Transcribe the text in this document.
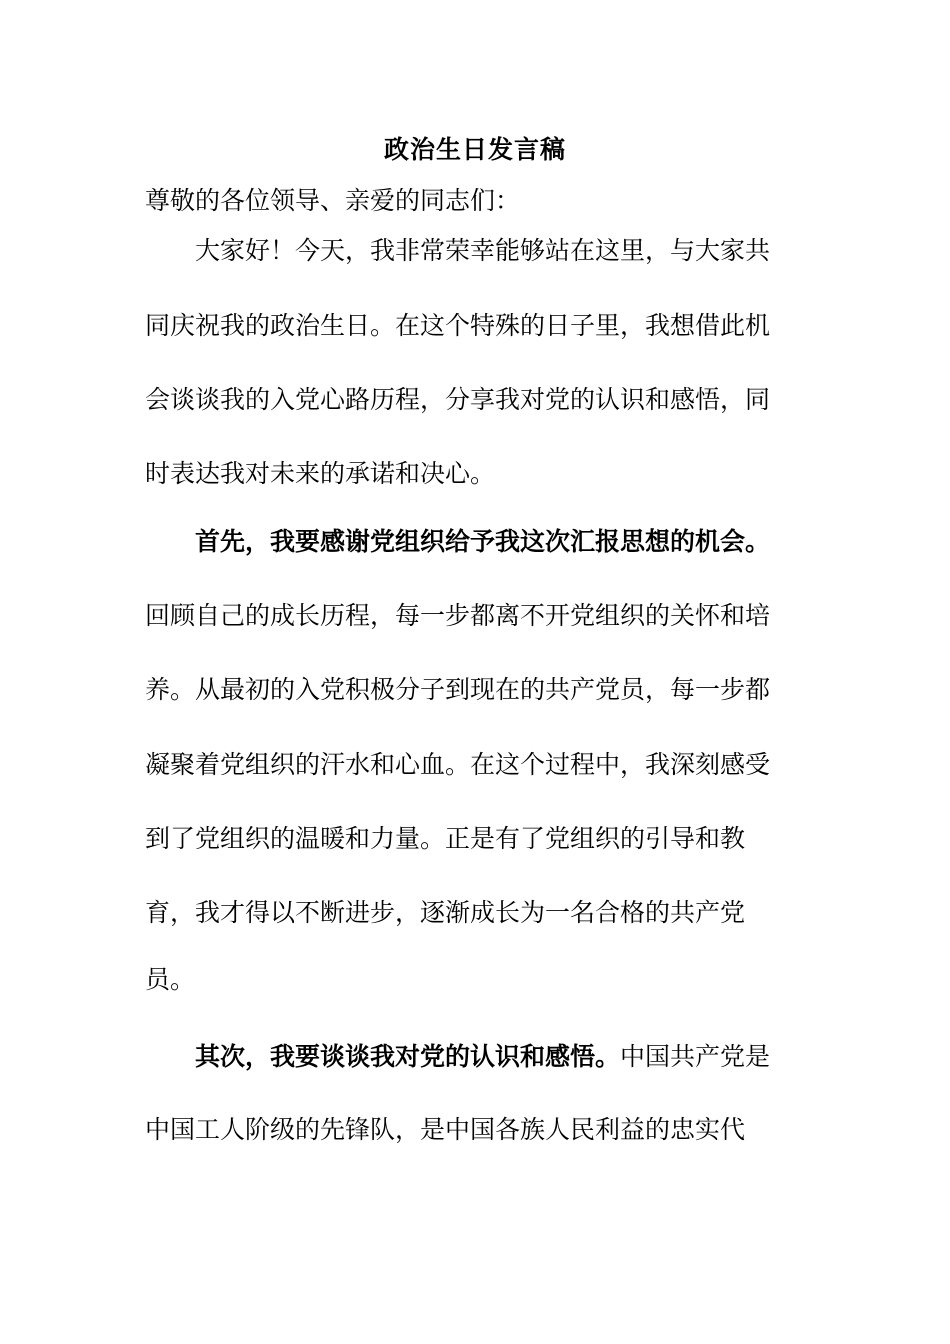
政治生日发言稿
尊敬的各位领导、亲爱的同志们：
大家好！今天，我非常荣幸能够站在这里，与大家共
同庆祝我的政治生日。在这个特殊的日子里，我想借此机
会谈谈我的入党心路历程，分享我对党的认识和感悟，同
时表达我对未来的承诺和决心。
首先，我要感谢党组织给予我这次汇报思想的机会。
回顾自己的成长历程，每一步都离不开党组织的关怀和培
养。从最初的入党积极分子到现在的共产党员，每一步都
凝聚着党组织的汗水和心血。在这个过程中，我深刻感受
到了党组织的温暖和力量。正是有了党组织的引导和教
育，我才得以不断进步，逐渐成长为一名合格的共产党
员。
其次，我要谈谈我对党的认识和感悟。中国共产党是
中国工人阶级的先锋队，是中国各族人民利益的忠实代
